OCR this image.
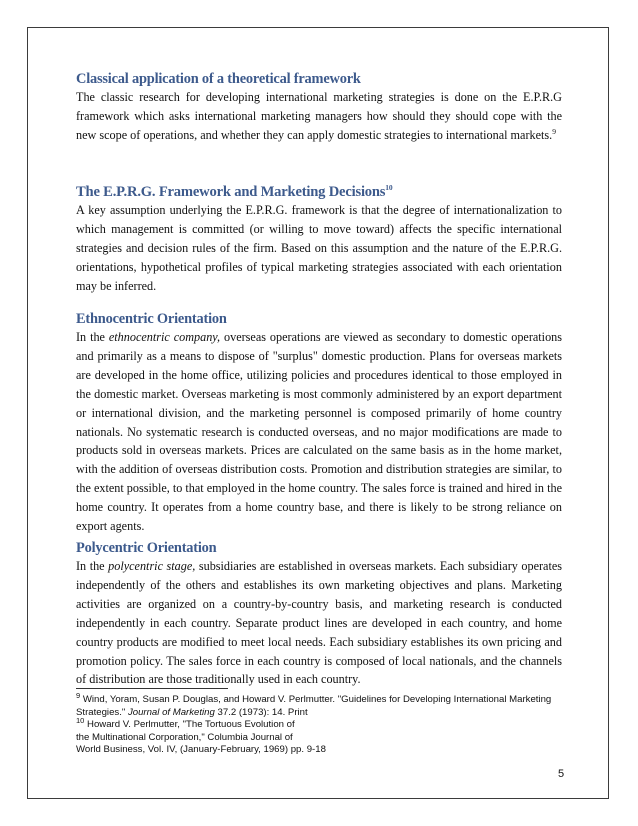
Classical application of a theoretical framework

The classic research for developing international marketing strategies is done on the E.P.R.G framework which asks international marketing managers how should they should cope with the new scope of operations, and whether they can apply domestic strategies to international markets.$^9$

The E.P.R.G. Framework and Marketing Decisions$^{10}$

A key assumption underlying the E.P.R.G. framework is that the degree of internationalization to which management is committed (or willing to move toward) affects the specific international strategies and decision rules of the firm. Based on this assumption and the nature of the E.P.R.G. orientations, hypothetical profiles of typical marketing strategies associated with each orientation may be inferred.

Ethnocentric Orientation

In the ethnocentric company, overseas operations are viewed as secondary to domestic operations and primarily as a means to dispose of "surplus" domestic production. Plans for overseas markets are developed in the home office, utilizing policies and procedures identical to those employed in the domestic market. Overseas marketing is most commonly administered by an export department or international division, and the marketing personnel is composed primarily of home country nationals. No systematic research is conducted overseas, and no major modifications are made to products sold in overseas markets. Prices are calculated on the same basis as in the home market, with the addition of overseas distribution costs. Promotion and distribution strategies are similar, to the extent possible, to that employed in the home country. The sales force is trained and hired in the home country. It operates from a home country base, and there is likely to be strong reliance on export agents.

Polycentric Orientation

In the polycentric stage, subsidiaries are established in overseas markets. Each subsidiary operates independently of the others and establishes its own marketing objectives and plans. Marketing activities are organized on a country-by-country basis, and marketing research is conducted independently in each country. Separate product lines are developed in each country, and home country products are modified to meet local needs. Each subsidiary establishes its own pricing and promotion policy. The sales force in each country is composed of local nationals, and the channels of distribution are those traditionally used in each country.

$^9$ Wind, Yoram, Susan P. Douglas, and Howard V. Perlmutter. "Guidelines for Developing International Marketing
Strategies." Journal of Marketing 37.2 (1973): 14. Print
$^{10}$ Howard V. Perlmutter, "The Tortuous Evolution of
the Multinational Corporation," Columbia Journal of
World Business, Vol. IV, (January-February, 1969) pp. 9-18
5
